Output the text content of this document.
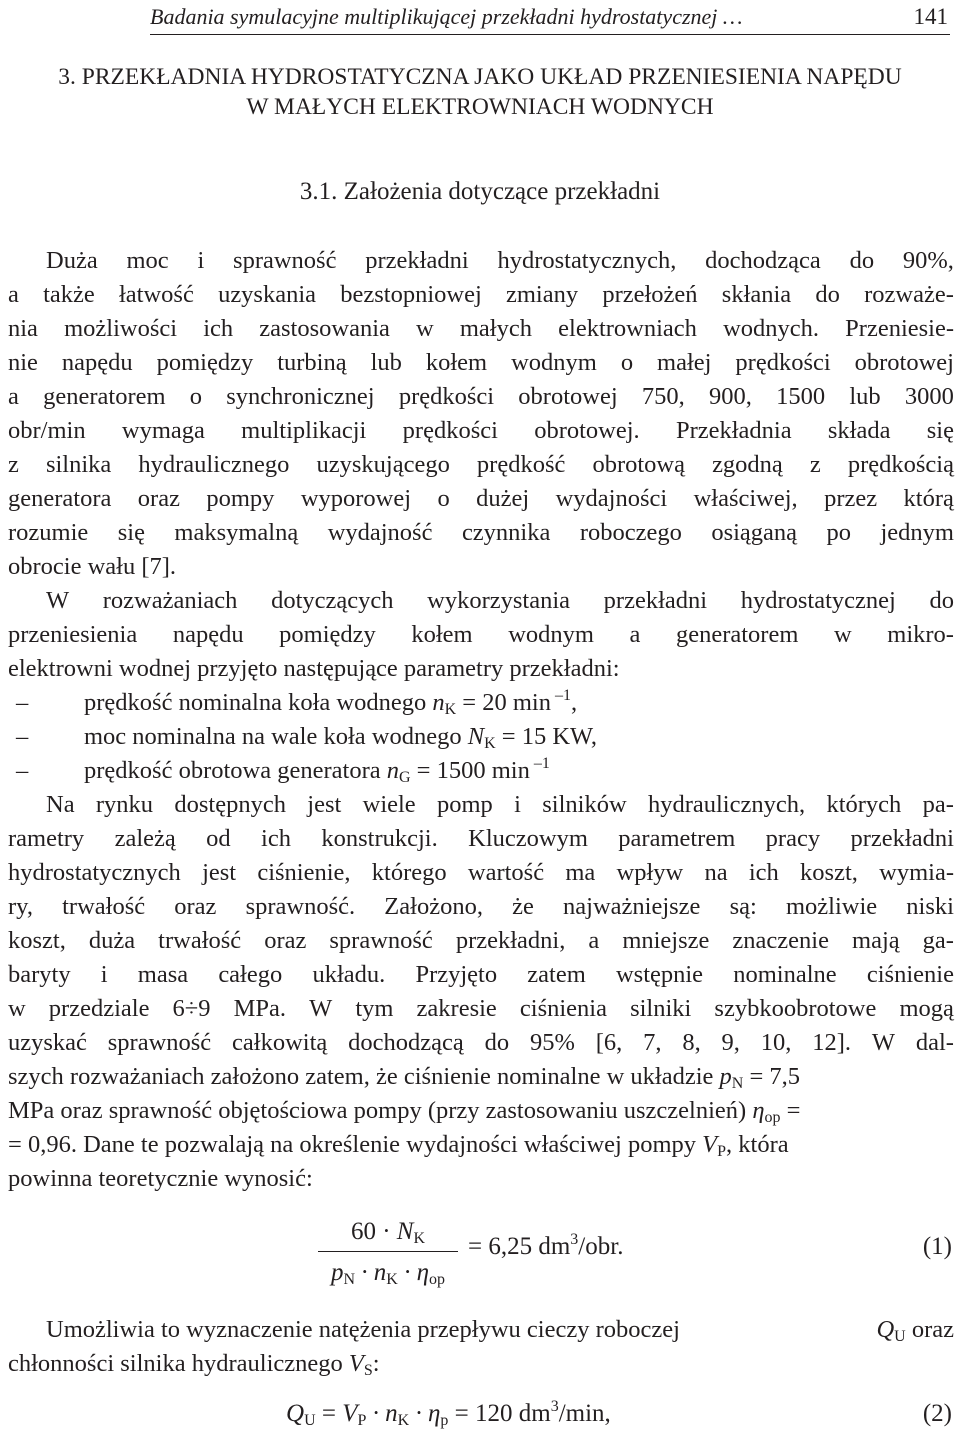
Badania symulacyjne multiplikującej przekładni hydrostatycznej …	141
3. PRZEKŁADNIA HYDROSTATYCZNA JAKO UKŁAD PRZENIESIENIA NAPĘDU
W MAŁYCH ELEKTROWNIACH WODNYCH
3.1. Założenia dotyczące przekładni
Duża moc i sprawność przekładni hydrostatycznych, dochodząca do 90%,
a także łatwość uzyskania bezstopniowej zmiany przełożeń skłania do rozważe-
nia możliwości ich zastosowania w małych elektrowniach wodnych. Przeniesie-
nie napędu pomiędzy turbiną lub kołem wodnym o małej prędkości obrotowej
a generatorem o synchronicznej prędkości obrotowej 750, 900, 1500 lub 3000
obr/min wymaga multiplikacji prędkości obrotowej. Przekładnia składa się
z silnika hydraulicznego uzyskującego prędkość obrotową zgodną z prędkością
generatora oraz pompy wyporowej o dużej wydajności właściwej, przez którą
rozumie się maksymalną wydajność czynnika roboczego osiąganą po jednym
obrocie wału [7].
W rozważaniach dotyczących wykorzystania przekładni hydrostatycznej do
przeniesienia napędu pomiędzy kołem wodnym a generatorem w mikro-
elektrowni wodnej przyjęto następujące parametry przekładni:
–	prędkość nominalna koła wodnego $n_K = 20$ min $^{-1}$,
–	moc nominalna na wale koła wodnego $N_K = 15$ KW,
–	prędkość obrotowa generatora $n_G = 1500$ min $^{-1}$
Na rynku dostępnych jest wiele pomp i silników hydraulicznych, których pa-
rametry zależą od ich konstrukcji. Kluczowym parametrem pracy przekładni
hydrostatycznych jest ciśnienie, którego wartość ma wpływ na ich koszt, wymia-
ry, trwałość oraz sprawność. Założono, że najważniejsze są: możliwie niski
koszt, duża trwałość oraz sprawność przekładni, a mniejsze znaczenie mają ga-
baryty i masa całego układu. Przyjęto zatem wstępnie nominalne ciśnienie
w przedziale 6÷9 MPa. W tym zakresie ciśnienia silniki szybkoobrotowe mogą
uzyskać sprawność całkowitą dochodzącą do 95% [6, 7, 8, 9, 10, 12]. W dal-
szych rozważaniach założono zatem, że ciśnienie nominalne w układzie $p_N = 7,5$
MPa oraz sprawność objętościowa pompy (przy zastosowaniu uszczelnień) $\eta_{op}$ =
= 0,96. Dane te pozwalają na określenie wydajności właściwej pompy $V_P$, która
powinna teoretycznie wynosić:
$60 \cdot N_K$
$p_N \cdot n_K \cdot \eta_{op}$
= 6,25 $dm^3$/obr.	(1)
Umożliwia to wyznaczenie natężenia przepływu cieczy roboczej	$Q_U$ oraz
chłonności silnika hydraulicznego $V_S$:
$Q_U = V_P \cdot n_K \cdot \eta_p = 120$ $dm^3/\min$,	(2)
